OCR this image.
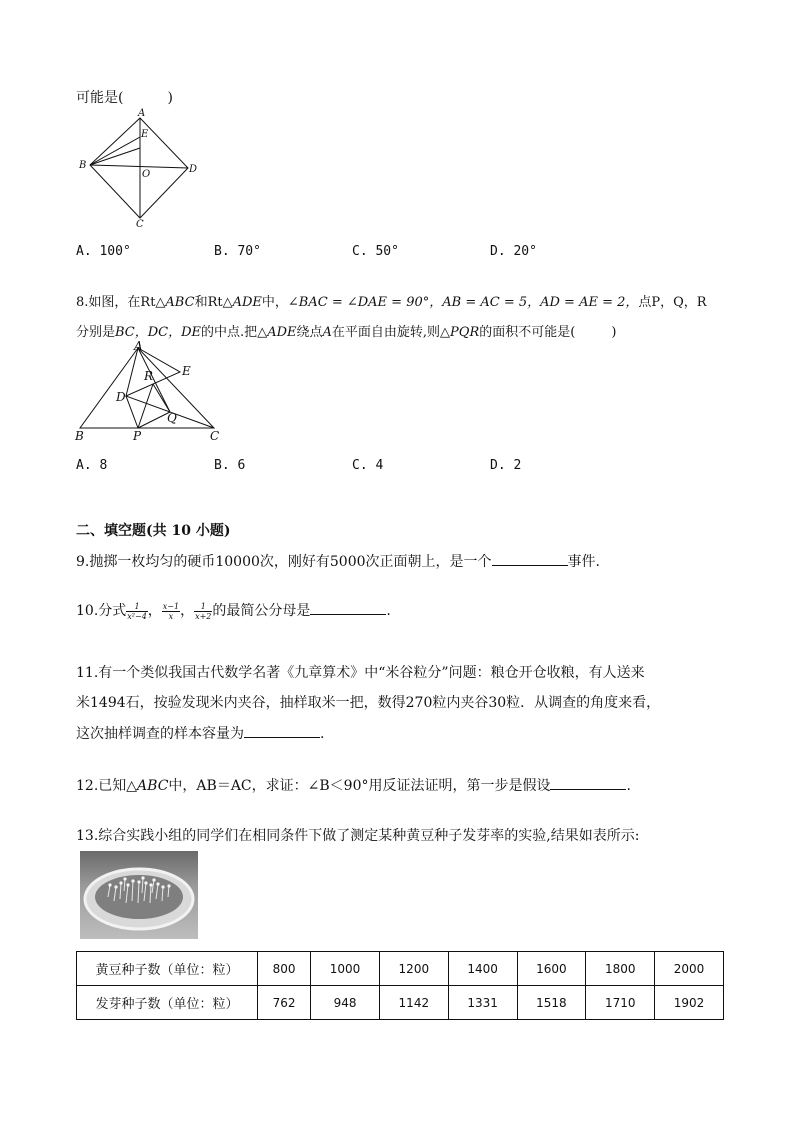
可能是(	)
A
E
B
O	D
C
A. 100°	B. 70°	C. 50°	D. 20°
8.如图，在Rt△ABC和Rt△ADE中，∠BAC = ∠DAE = 90°，AB = AC = 5，AD = AE = 2，点P，Q，R
分别是BC，DC，DE的中点.把△ADE绕点A在平面自由旋转,则△PQR的面积不可能是(	)
A
R E
D
Q
B	P	C
A. 8	B. 6	C. 4	D. 2
二、填空题(共 10 小题)
9.抛掷一枚均匀的硬币10000次，刚好有5000次正面朝上，是一个	事件.
10.分式 $\frac{1}{\text{x²−4}}$ ， $\frac{x-1}{x}$ ， $\frac{1}{x+2}$ 的最简公分母是	.
11.有一个类似我国古代数学名著《九章算术》中“米谷粒分”问题：粮仓开仓收粮，有人送来
米1494石，按验发现米内夹谷，抽样取米一把，数得270粒内夹谷30粒．从调查的角度来看，
这次抽样调查的样本容量为	.
12.已知△ABC中，AB＝AC，求证：∠B＜90°用反证法证明，第一步是假设	.
13.综合实践小组的同学们在相同条件下做了测定某种黄豆种子发芽率的实验,结果如表所示:
黄豆种子数（单位：粒）	800	1000	1200	1400	1600	1800	2000
发芽种子数（单位：粒）	762	948	1142	1331	1518	1710	1902
